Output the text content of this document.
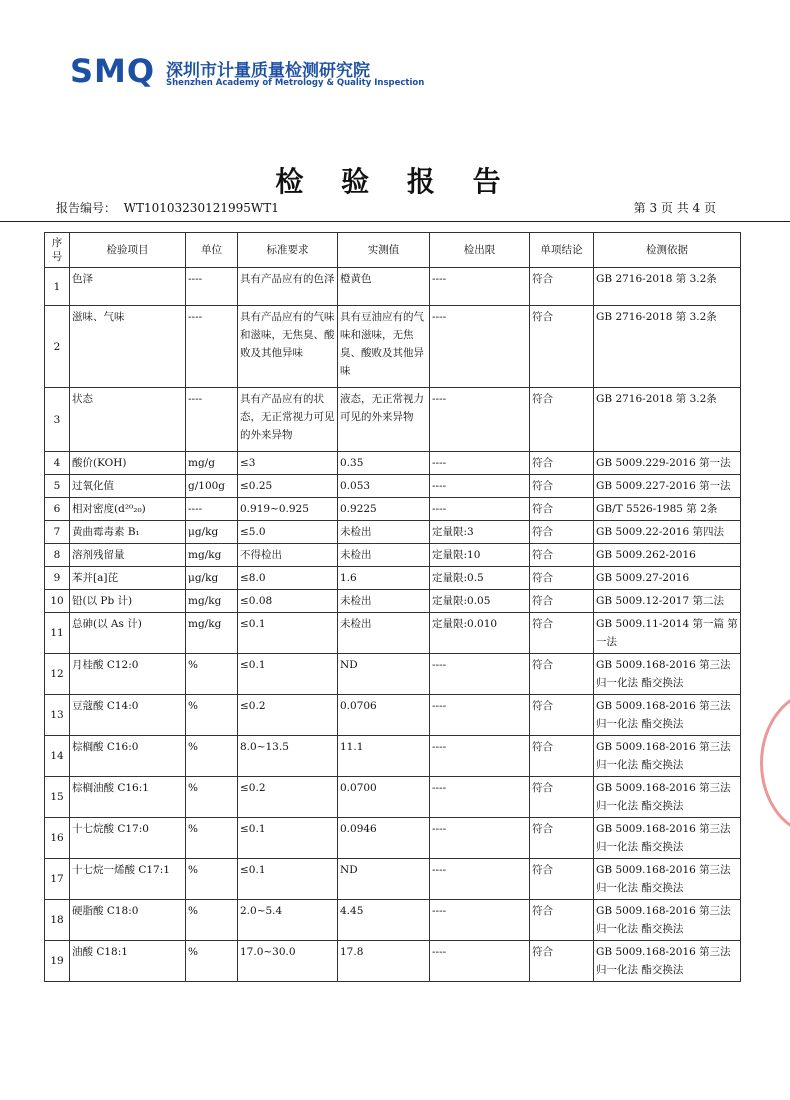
SMQ 深圳市计量质量检测研究院
Shenzhen Academy of Metrology & Quality Inspection
检 验 报 告
报告编号： WT10103230121995WT1	第 3 页 共 4 页
序号	检验项目	单位	标准要求	实测值	检出限	单项结论	检测依据
1	色泽	----	具有产品应有的色泽	橙黄色	----	符合	GB 2716-2018 第 3.2条
2	滋味、气味	----	具有产品应有的气味和滋味，无焦臭、酸败及其他异味	具有豆油应有的气味和滋味，无焦臭、酸败及其他异味	----	符合	GB 2716-2018 第 3.2条
3	状态	----	具有产品应有的状态，无正常视力可见的外来异物	液态，无正常视力可见的外来异物	----	符合	GB 2716-2018 第 3.2条
4	酸价(KOH)	mg/g	≤3	0.35	----	符合	GB 5009.229-2016 第一法
5	过氧化值	g/100g	≤0.25	0.053	----	符合	GB 5009.227-2016 第一法
6	相对密度(d²⁰₂₀)	----	0.919~0.925	0.9225	----	符合	GB/T 5526-1985 第 2条
7	黄曲霉毒素 B₁	μg/kg	≤5.0	未检出	定量限:3	符合	GB 5009.22-2016 第四法
8	溶剂残留量	mg/kg	不得检出	未检出	定量限:10	符合	GB 5009.262-2016
9	苯并[a]芘	μg/kg	≤8.0	1.6	定量限:0.5	符合	GB 5009.27-2016
10	铅(以 Pb 计)	mg/kg	≤0.08	未检出	定量限:0.05	符合	GB 5009.12-2017 第二法
11	总砷(以 As 计)	mg/kg	≤0.1	未检出	定量限:0.010	符合	GB 5009.11-2014 第一篇 第一法
12	月桂酸 C12:0	%	≤0.1	ND	----	符合	GB 5009.168-2016 第三法 归一化法 酯交换法
13	豆蔻酸 C14:0	%	≤0.2	0.0706	----	符合	GB 5009.168-2016 第三法 归一化法 酯交换法
14	棕榈酸 C16:0	%	8.0~13.5	11.1	----	符合	GB 5009.168-2016 第三法 归一化法 酯交换法
15	棕榈油酸 C16:1	%	≤0.2	0.0700	----	符合	GB 5009.168-2016 第三法 归一化法 酯交换法
16	十七烷酸 C17:0	%	≤0.1	0.0946	----	符合	GB 5009.168-2016 第三法 归一化法 酯交换法
17	十七烷一烯酸 C17:1	%	≤0.1	ND	----	符合	GB 5009.168-2016 第三法 归一化法 酯交换法
18	硬脂酸 C18:0	%	2.0~5.4	4.45	----	符合	GB 5009.168-2016 第三法 归一化法 酯交换法
19	油酸 C18:1	%	17.0~30.0	17.8	----	符合	GB 5009.168-2016 第三法 归一化法 酯交换法
